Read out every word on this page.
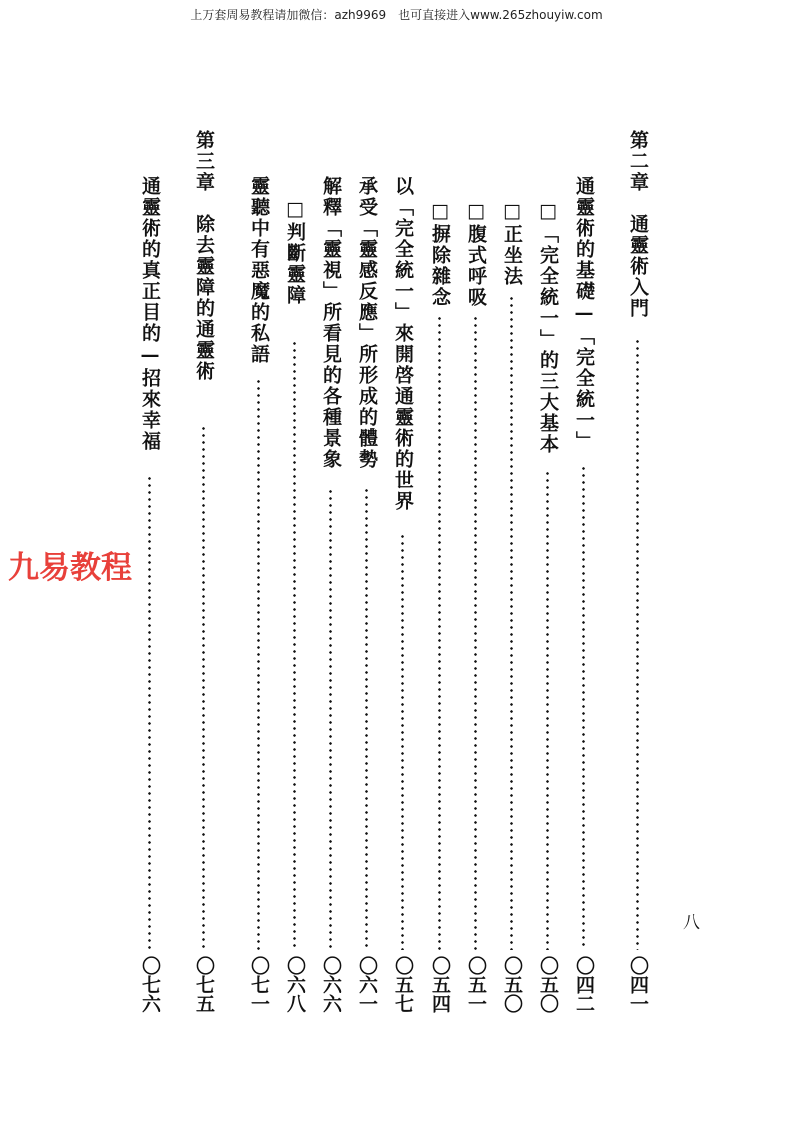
上万套周易教程请加微信：azh9969　也可直接进入www.265zhouyiw.com
第二章　通靈術入門
〇四一
通靈術的基礎—「完全統一」
〇四二
□「完全統一」的三大基本
〇五〇
□正坐法
〇五〇
□腹式呼吸
〇五一
□摒除雜念
〇五四
以「完全統一」來開啓通靈術的世界
〇五七
承受「靈感反應」所形成的體勢
〇六一
解釋「靈視」所看見的各種景象
〇六六
□判斷靈障
〇六八
靈聽中有惡魔的私語
〇七一
第三章　除去靈障的通靈術
〇七五
通靈術的真正目的—招來幸福
〇七六
九易教程
八
